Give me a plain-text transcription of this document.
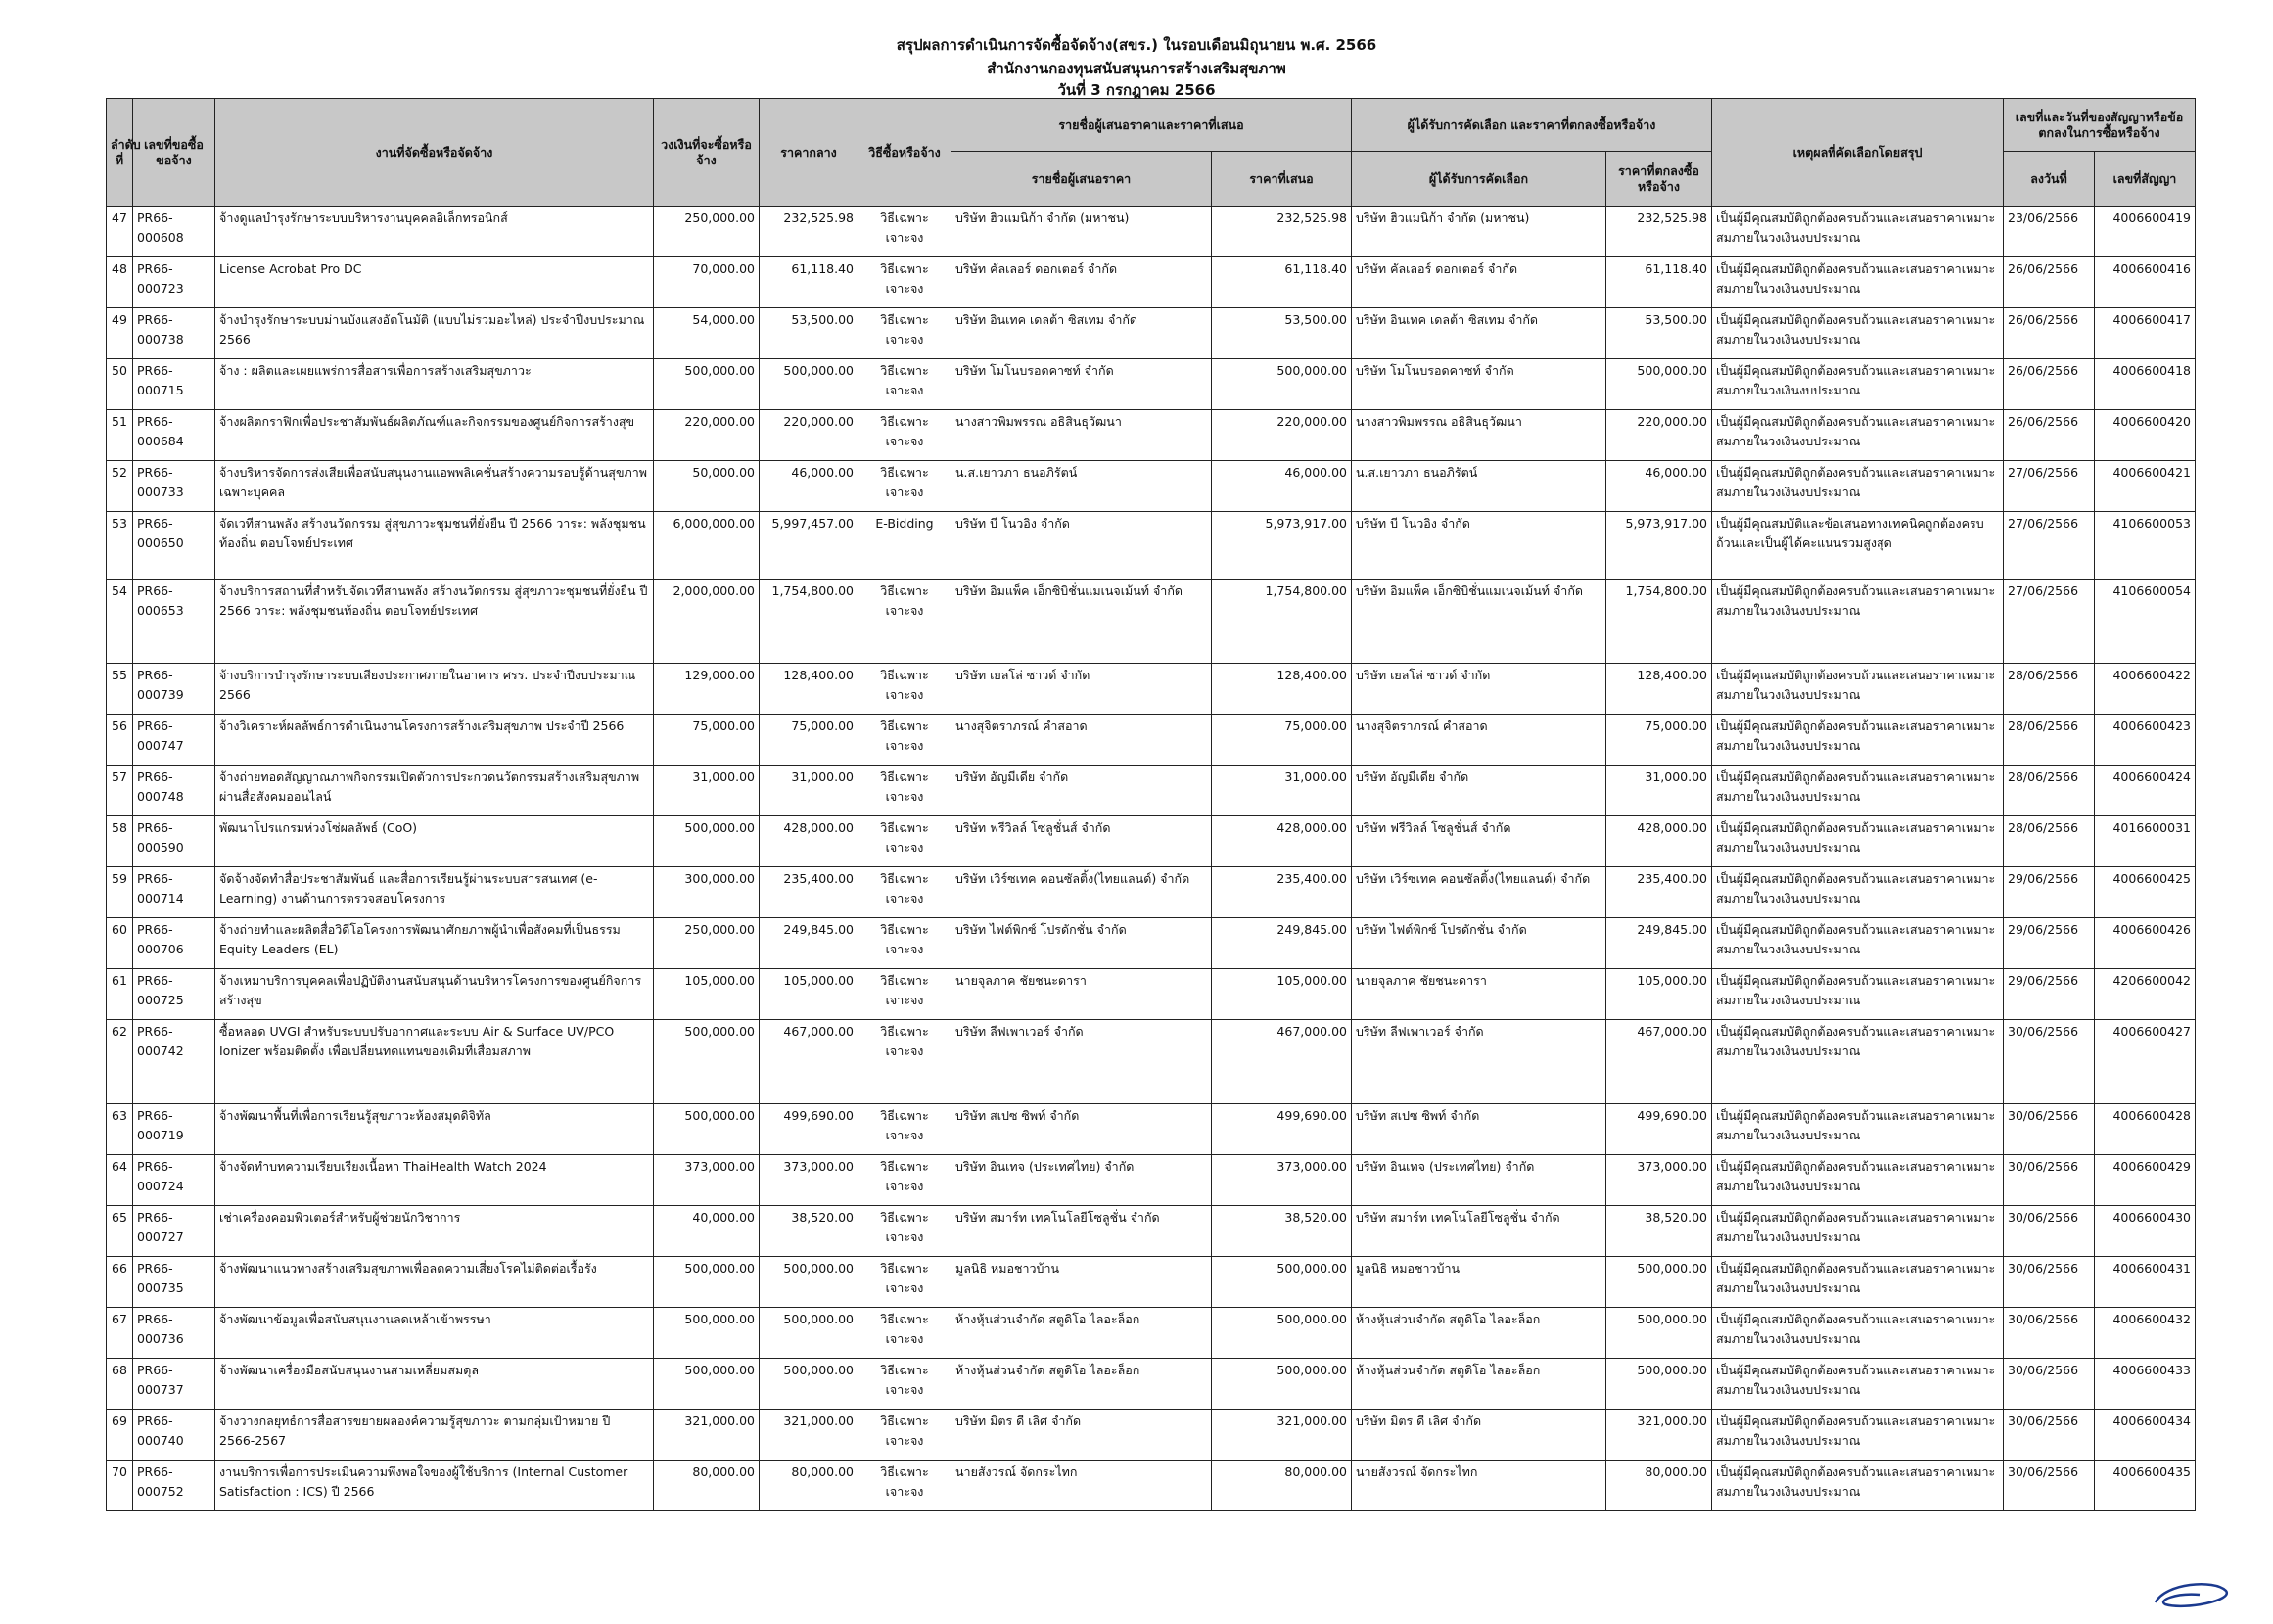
สรุปผลการดำเนินการจัดซื้อจัดจ้าง(สขร.) ในรอบเดือนมิถุนายน พ.ศ. 2566
สำนักงานกองทุนสนับสนุนการสร้างเสริมสุขภาพ
วันที่ 3 กรกฎาคม 2566
ลำดับที่	เลขที่ขอซื้อขอจ้าง	งานที่จัดซื้อหรือจัดจ้าง	วงเงินที่จะซื้อหรือจ้าง	ราคากลาง	วิธีซื้อหรือจ้าง	รายชื่อผู้เสนอราคาและราคาที่เสนอ		ผู้ได้รับการคัดเลือก และราคาที่ตกลงซื้อหรือจ้าง		เหตุผลที่คัดเลือกโดยสรุป	เลขที่และวันที่ของสัญญาหรือข้อตกลงในการซื้อหรือจ้าง	
						รายชื่อผู้เสนอราคา	ราคาที่เสนอ	ผู้ได้รับการคัดเลือก	ราคาที่ตกลงซื้อหรือจ้าง		ลงวันที่	เลขที่สัญญา
47	PR66-000608	จ้างดูแลบำรุงรักษาระบบบริหารงานบุคคลอิเล็กทรอนิกส์	250,000.00	232,525.98	วิธีเฉพาะเจาะจง	บริษัท ฮิวแมนิก้า จำกัด (มหาชน)	232,525.98	บริษัท ฮิวแมนิก้า จำกัด (มหาชน)	232,525.98	เป็นผู้มีคุณสมบัติถูกต้องครบถ้วนและเสนอราคาเหมาะสมภายในวงเงินงบประมาณ	23/06/2566	4006600419
48	PR66-000723	License Acrobat Pro DC	70,000.00	61,118.40	วิธีเฉพาะเจาะจง	บริษัท คัลเลอร์ ดอกเตอร์ จำกัด	61,118.40	บริษัท คัลเลอร์ ดอกเตอร์ จำกัด	61,118.40	เป็นผู้มีคุณสมบัติถูกต้องครบถ้วนและเสนอราคาเหมาะสมภายในวงเงินงบประมาณ	26/06/2566	4006600416
49	PR66-000738	จ้างบำรุงรักษาระบบม่านบังแสงอัตโนมัติ (แบบไม่รวมอะไหล่) ประจำปีงบประมาณ 2566	54,000.00	53,500.00	วิธีเฉพาะเจาะจง	บริษัท อินเทค เดลต้า ซิสเทม จำกัด	53,500.00	บริษัท อินเทค เดลต้า ซิสเทม จำกัด	53,500.00	เป็นผู้มีคุณสมบัติถูกต้องครบถ้วนและเสนอราคาเหมาะสมภายในวงเงินงบประมาณ	26/06/2566	4006600417
50	PR66-000715	จ้าง : ผลิตและเผยแพร่การสื่อสารเพื่อการสร้างเสริมสุขภาวะ	500,000.00	500,000.00	วิธีเฉพาะเจาะจง	บริษัท โมโนบรอดคาซท์ จำกัด	500,000.00	บริษัท โมโนบรอดคาซท์ จำกัด	500,000.00	เป็นผู้มีคุณสมบัติถูกต้องครบถ้วนและเสนอราคาเหมาะสมภายในวงเงินงบประมาณ	26/06/2566	4006600418
51	PR66-000684	จ้างผลิตกราฟิกเพื่อประชาสัมพันธ์ผลิตภัณฑ์และกิจกรรมของศูนย์กิจการสร้างสุข	220,000.00	220,000.00	วิธีเฉพาะเจาะจง	นางสาวพิมพรรณ อธิสินธุวัฒนา	220,000.00	นางสาวพิมพรรณ อธิสินธุวัฒนา	220,000.00	เป็นผู้มีคุณสมบัติถูกต้องครบถ้วนและเสนอราคาเหมาะสมภายในวงเงินงบประมาณ	26/06/2566	4006600420
52	PR66-000733	จ้างบริหารจัดการส่งเสียเพื่อสนับสนุนงานแอพพลิเคชั่นสร้างความรอบรู้ด้านสุขภาพเฉพาะบุคคล	50,000.00	46,000.00	วิธีเฉพาะเจาะจง	น.ส.เยาวภา ธนอภิรัตน์	46,000.00	น.ส.เยาวภา ธนอภิรัตน์	46,000.00	เป็นผู้มีคุณสมบัติถูกต้องครบถ้วนและเสนอราคาเหมาะสมภายในวงเงินงบประมาณ	27/06/2566	4006600421
53	PR66-000650	จัดเวทีสานพลัง สร้างนวัตกรรม สู่สุขภาวะชุมชนที่ยั่งยืน ปี 2566 วาระ: พลังชุมชนท้องถิ่น ตอบโจทย์ประเทศ	6,000,000.00	5,997,457.00	E-Bidding	บริษัท บี โนวอิง จำกัด	5,973,917.00	บริษัท บี โนวอิง จำกัด	5,973,917.00	เป็นผู้มีคุณสมบัติและข้อเสนอทางเทคนิคถูกต้องครบถ้วนและเป็นผู้ได้คะแนนรวมสูงสุด	27/06/2566	4106600053
54	PR66-000653	จ้างบริการสถานที่สำหรับจัดเวทีสานพลัง สร้างนวัตกรรม สู่สุขภาวะชุมชนที่ยั่งยืน ปี 2566 วาระ: พลังชุมชนท้องถิ่น ตอบโจทย์ประเทศ	2,000,000.00	1,754,800.00	วิธีเฉพาะเจาะจง	บริษัท อิมแพ็ค เอ็กซิบิชั่นแมเนจเม้นท์ จำกัด	1,754,800.00	บริษัท อิมแพ็ค เอ็กซิบิชั่นแมเนจเม้นท์ จำกัด	1,754,800.00	เป็นผู้มีคุณสมบัติถูกต้องครบถ้วนและเสนอราคาเหมาะสมภายในวงเงินงบประมาณ	27/06/2566	4106600054
55	PR66-000739	จ้างบริการบำรุงรักษาระบบเสียงประกาศภายในอาคาร ศรร. ประจำปีงบประมาณ 2566	129,000.00	128,400.00	วิธีเฉพาะเจาะจง	บริษัท เยลโล่ ซาวด์ จำกัด	128,400.00	บริษัท เยลโล่ ซาวด์ จำกัด	128,400.00	เป็นผู้มีคุณสมบัติถูกต้องครบถ้วนและเสนอราคาเหมาะสมภายในวงเงินงบประมาณ	28/06/2566	4006600422
56	PR66-000747	จ้างวิเคราะห์ผลลัพธ์การดำเนินงานโครงการสร้างเสริมสุขภาพ ประจำปี 2566	75,000.00	75,000.00	วิธีเฉพาะเจาะจง	นางสุจิตราภรณ์ คำสอาด	75,000.00	นางสุจิตราภรณ์ คำสอาด	75,000.00	เป็นผู้มีคุณสมบัติถูกต้องครบถ้วนและเสนอราคาเหมาะสมภายในวงเงินงบประมาณ	28/06/2566	4006600423
57	PR66-000748	จ้างถ่ายทอดสัญญาณภาพกิจกรรมเปิดตัวการประกวดนวัตกรรมสร้างเสริมสุขภาพ ผ่านสื่อสังคมออนไลน์	31,000.00	31,000.00	วิธีเฉพาะเจาะจง	บริษัท อัญมีเดีย จำกัด	31,000.00	บริษัท อัญมีเดีย จำกัด	31,000.00	เป็นผู้มีคุณสมบัติถูกต้องครบถ้วนและเสนอราคาเหมาะสมภายในวงเงินงบประมาณ	28/06/2566	4006600424
58	PR66-000590	พัฒนาโปรแกรมห่วงโซ่ผลลัพธ์ (CoO)	500,000.00	428,000.00	วิธีเฉพาะเจาะจง	บริษัท ฟรีวิลล์ โซลูชั่นส์ จำกัด	428,000.00	บริษัท ฟรีวิลล์ โซลูชั่นส์ จำกัด	428,000.00	เป็นผู้มีคุณสมบัติถูกต้องครบถ้วนและเสนอราคาเหมาะสมภายในวงเงินงบประมาณ	28/06/2566	4016600031
59	PR66-000714	จัดจ้างจัดทำสื่อประชาสัมพันธ์ และสื่อการเรียนรู้ผ่านระบบสารสนเทศ (e-Learning) งานด้านการตรวจสอบโครงการ	300,000.00	235,400.00	วิธีเฉพาะเจาะจง	บริษัท เวิร์ซเทค คอนซัลติ้ง(ไทยแลนด์) จำกัด	235,400.00	บริษัท เวิร์ซเทค คอนซัลติ้ง(ไทยแลนด์) จำกัด	235,400.00	เป็นผู้มีคุณสมบัติถูกต้องครบถ้วนและเสนอราคาเหมาะสมภายในวงเงินงบประมาณ	29/06/2566	4006600425
60	PR66-000706	จ้างถ่ายทำและผลิตสื่อวิดีโอโครงการพัฒนาศักยภาพผู้นำเพื่อสังคมที่เป็นธรรม Equity Leaders (EL)	250,000.00	249,845.00	วิธีเฉพาะเจาะจง	บริษัท ไฟต์พิกซ์ โปรดักชั่น จำกัด	249,845.00	บริษัท ไฟต์พิกซ์ โปรดักชั่น จำกัด	249,845.00	เป็นผู้มีคุณสมบัติถูกต้องครบถ้วนและเสนอราคาเหมาะสมภายในวงเงินงบประมาณ	29/06/2566	4006600426
61	PR66-000725	จ้างเหมาบริการบุคคลเพื่อปฏิบัติงานสนับสนุนด้านบริหารโครงการของศูนย์กิจการสร้างสุข	105,000.00	105,000.00	วิธีเฉพาะเจาะจง	นายจุลภาค ชัยชนะดารา	105,000.00	นายจุลภาค ชัยชนะดารา	105,000.00	เป็นผู้มีคุณสมบัติถูกต้องครบถ้วนและเสนอราคาเหมาะสมภายในวงเงินงบประมาณ	29/06/2566	4206600042
62	PR66-000742	ซื้อหลอด UVGI สำหรับระบบปรับอากาศและระบบ Air & Surface UV/PCO Ionizer พร้อมติดตั้ง เพื่อเปลี่ยนทดแทนของเดิมที่เสื่อมสภาพ	500,000.00	467,000.00	วิธีเฉพาะเจาะจง	บริษัท ลีฟเพาเวอร์ จำกัด	467,000.00	บริษัท ลีฟเพาเวอร์ จำกัด	467,000.00	เป็นผู้มีคุณสมบัติถูกต้องครบถ้วนและเสนอราคาเหมาะสมภายในวงเงินงบประมาณ	30/06/2566	4006600427
63	PR66-000719	จ้างพัฒนาพื้นที่เพื่อการเรียนรู้สุขภาวะห้องสมุดดิจิทัล	500,000.00	499,690.00	วิธีเฉพาะเจาะจง	บริษัท สเปซ ซิพท์ จำกัด	499,690.00	บริษัท สเปซ ซิพท์ จำกัด	499,690.00	เป็นผู้มีคุณสมบัติถูกต้องครบถ้วนและเสนอราคาเหมาะสมภายในวงเงินงบประมาณ	30/06/2566	4006600428
64	PR66-000724	จ้างจัดทำบทความเรียบเรียงเนื้อหา ThaiHealth Watch 2024	373,000.00	373,000.00	วิธีเฉพาะเจาะจง	บริษัท อินเทจ (ประเทศไทย) จำกัด	373,000.00	บริษัท อินเทจ (ประเทศไทย) จำกัด	373,000.00	เป็นผู้มีคุณสมบัติถูกต้องครบถ้วนและเสนอราคาเหมาะสมภายในวงเงินงบประมาณ	30/06/2566	4006600429
65	PR66-000727	เช่าเครื่องคอมพิวเตอร์สำหรับผู้ช่วยนักวิชาการ	40,000.00	38,520.00	วิธีเฉพาะเจาะจง	บริษัท สมาร์ท เทคโนโลยีโซลูชั่น จำกัด	38,520.00	บริษัท สมาร์ท เทคโนโลยีโซลูชั่น จำกัด	38,520.00	เป็นผู้มีคุณสมบัติถูกต้องครบถ้วนและเสนอราคาเหมาะสมภายในวงเงินงบประมาณ	30/06/2566	4006600430
66	PR66-000735	จ้างพัฒนาแนวทางสร้างเสริมสุขภาพเพื่อลดความเสี่ยงโรคไม่ติดต่อเรื้อรัง	500,000.00	500,000.00	วิธีเฉพาะเจาะจง	มูลนิธิ หมอชาวบ้าน	500,000.00	มูลนิธิ หมอชาวบ้าน	500,000.00	เป็นผู้มีคุณสมบัติถูกต้องครบถ้วนและเสนอราคาเหมาะสมภายในวงเงินงบประมาณ	30/06/2566	4006600431
67	PR66-000736	จ้างพัฒนาข้อมูลเพื่อสนับสนุนงานลดเหล้าเข้าพรรษา	500,000.00	500,000.00	วิธีเฉพาะเจาะจง	ห้างหุ้นส่วนจำกัด สตูดิโอ ไลอะล็อก	500,000.00	ห้างหุ้นส่วนจำกัด สตูดิโอ ไลอะล็อก	500,000.00	เป็นผู้มีคุณสมบัติถูกต้องครบถ้วนและเสนอราคาเหมาะสมภายในวงเงินงบประมาณ	30/06/2566	4006600432
68	PR66-000737	จ้างพัฒนาเครื่องมือสนับสนุนงานสามเหลี่ยมสมดุล	500,000.00	500,000.00	วิธีเฉพาะเจาะจง	ห้างหุ้นส่วนจำกัด สตูดิโอ ไลอะล็อก	500,000.00	ห้างหุ้นส่วนจำกัด สตูดิโอ ไลอะล็อก	500,000.00	เป็นผู้มีคุณสมบัติถูกต้องครบถ้วนและเสนอราคาเหมาะสมภายในวงเงินงบประมาณ	30/06/2566	4006600433
69	PR66-000740	จ้างวางกลยุทธ์การสื่อสารขยายผลองค์ความรู้สุขภาวะ ตามกลุ่มเป้าหมาย ปี 2566-2567	321,000.00	321,000.00	วิธีเฉพาะเจาะจง	บริษัท มิตร ดี เลิศ จำกัด	321,000.00	บริษัท มิตร ดี เลิศ จำกัด	321,000.00	เป็นผู้มีคุณสมบัติถูกต้องครบถ้วนและเสนอราคาเหมาะสมภายในวงเงินงบประมาณ	30/06/2566	4006600434
70	PR66-000752	งานบริการเพื่อการประเมินความพึงพอใจของผู้ใช้บริการ (Internal Customer Satisfaction : ICS) ปี 2566	80,000.00	80,000.00	วิธีเฉพาะเจาะจง	นายสังวรณ์ จัดกระไทก	80,000.00	นายสังวรณ์ จัดกระไทก	80,000.00	เป็นผู้มีคุณสมบัติถูกต้องครบถ้วนและเสนอราคาเหมาะสมภายในวงเงินงบประมาณ	30/06/2566	4006600435
